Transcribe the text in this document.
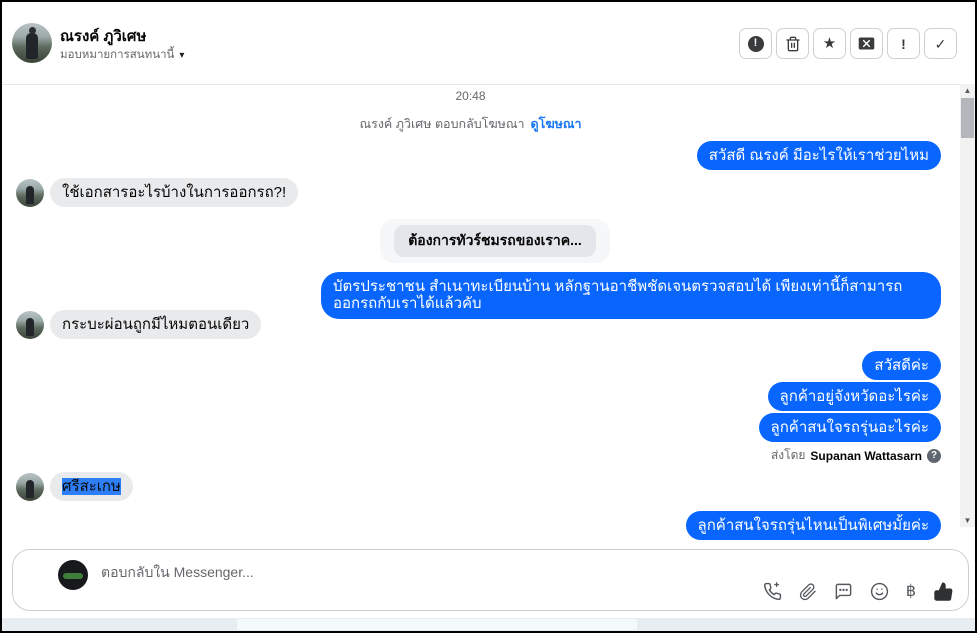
ณรงค์ ภูวิเศษ
มอบหมายการสนทนานี้ ▾
!	★	! ✓
20:48
ณรงค์ ภูวิเศษ ตอบกลับโฆษณา ดูโฆษณา
สวัสดี ณรงค์ มีอะไรให้เราช่วยไหม
ใช้เอกสารอะไรบ้างในการออกรถ?!
ต้องการทัวร์ชมรถของเราค...
บัตรประชาชน สำเนาทะเบียนบ้าน หลักฐานอาชีพชัดเจนตรวจสอบได้ เพียงเท่านี้ก็สามารถออกรถกับเราได้แล้วคับ
กระบะผ่อนถูกมีไหมตอนเดียว
สวัสดีค่ะ
ลูกค้าอยู่จังหวัดอะไรค่ะ
ลูกค้าสนใจรถรุ่นอะไรค่ะ
ส่งโดย Supanan Wattasarn ?
ศรีสะเกษ
ลูกค้าสนใจรถรุ่นไหนเป็นพิเศษมั้ยค่ะ
▲
▼
ตอบกลับใน Messenger...
฿
